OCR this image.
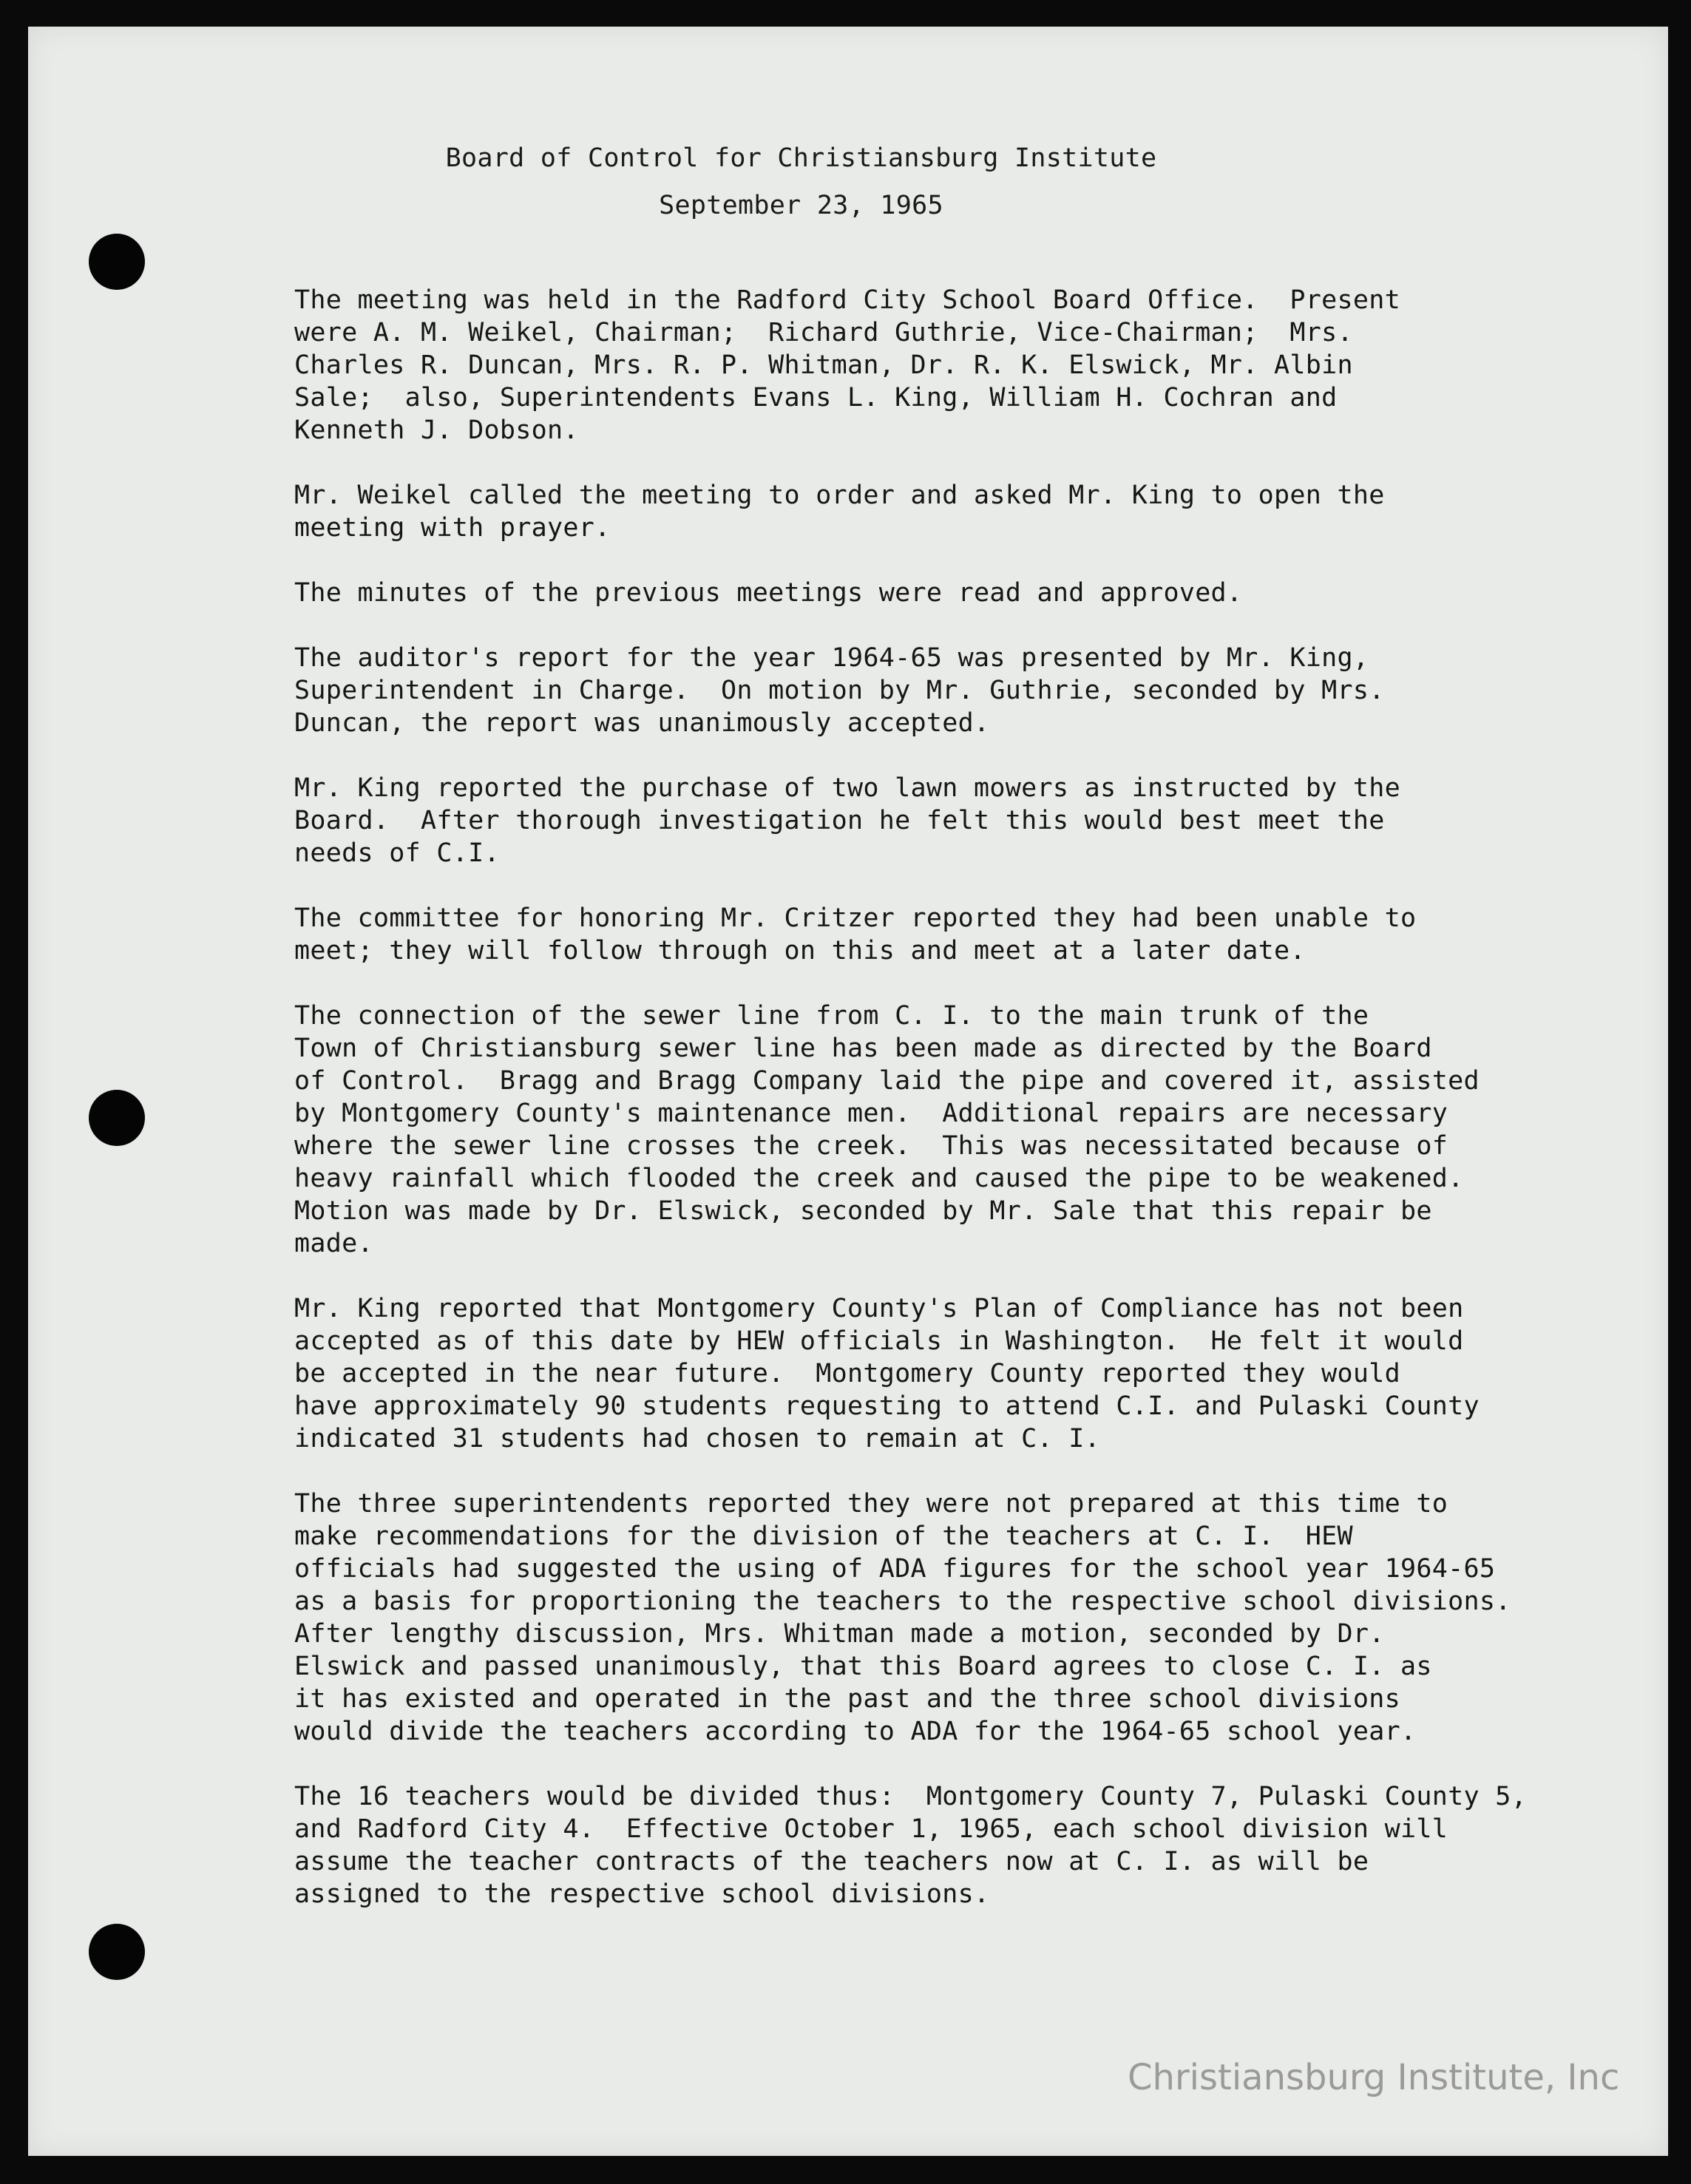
Board of Control for Christiansburg Institute
September 23, 1965
The meeting was held in the Radford City School Board Office.  Present
were A. M. Weikel, Chairman;  Richard Guthrie, Vice-Chairman;  Mrs.
Charles R. Duncan, Mrs. R. P. Whitman, Dr. R. K. Elswick, Mr. Albin
Sale;  also, Superintendents Evans L. King, William H. Cochran and
Kenneth J. Dobson.
Mr. Weikel called the meeting to order and asked Mr. King to open the
meeting with prayer.
The minutes of the previous meetings were read and approved.
The auditor's report for the year 1964-65 was presented by Mr. King,
Superintendent in Charge.  On motion by Mr. Guthrie, seconded by Mrs.
Duncan, the report was unanimously accepted.
Mr. King reported the purchase of two lawn mowers as instructed by the
Board.  After thorough investigation he felt this would best meet the
needs of C.I.
The committee for honoring Mr. Critzer reported they had been unable to
meet; they will follow through on this and meet at a later date.
The connection of the sewer line from C. I. to the main trunk of the
Town of Christiansburg sewer line has been made as directed by the Board
of Control.  Bragg and Bragg Company laid the pipe and covered it, assisted
by Montgomery County's maintenance men.  Additional repairs are necessary
where the sewer line crosses the creek.  This was necessitated because of
heavy rainfall which flooded the creek and caused the pipe to be weakened.
Motion was made by Dr. Elswick, seconded by Mr. Sale that this repair be
made.
Mr. King reported that Montgomery County's Plan of Compliance has not been
accepted as of this date by HEW officials in Washington.  He felt it would
be accepted in the near future.  Montgomery County reported they would
have approximately 90 students requesting to attend C.I. and Pulaski County
indicated 31 students had chosen to remain at C. I.
The three superintendents reported they were not prepared at this time to
make recommendations for the division of the teachers at C. I.  HEW
officials had suggested the using of ADA figures for the school year 1964-65
as a basis for proportioning the teachers to the respective school divisions.
After lengthy discussion, Mrs. Whitman made a motion, seconded by Dr.
Elswick and passed unanimously, that this Board agrees to close C. I. as
it has existed and operated in the past and the three school divisions
would divide the teachers according to ADA for the 1964-65 school year.
The 16 teachers would be divided thus:  Montgomery County 7, Pulaski County 5,
and Radford City 4.  Effective October 1, 1965, each school division will
assume the teacher contracts of the teachers now at C. I. as will be
assigned to the respective school divisions.
Christiansburg Institute, Inc
